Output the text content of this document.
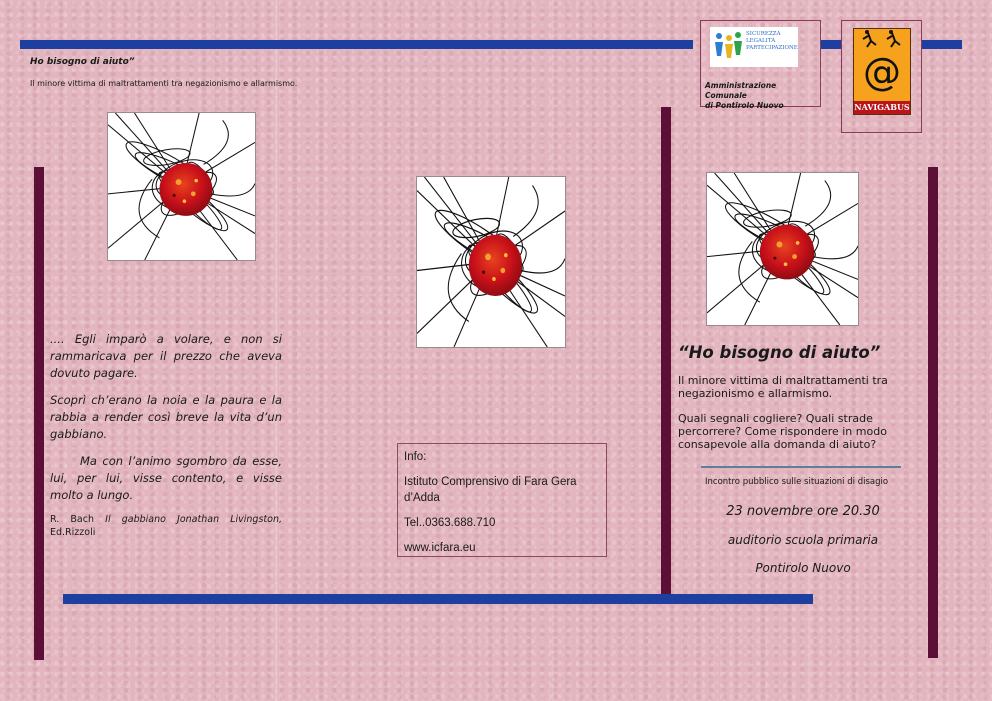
Ho bisogno di aiuto”
Il minore vittima di maltrattamenti tra negazionismo e allarmismo.

.... Egli imparò a volare, e non si rammaricava per il prezzo che aveva dovuto pagare.

Scoprì ch’erano la noia e la paura e la rabbia a render così breve la vita d’un gabbiano.

Ma con l’animo sgombro da esse, lui, per lui, visse contento, e visse molto a lungo.

R. Bach Il gabbiano Jonathan Livingston, Ed.Rizzoli
Info:
Istituto Comprensivo di Fara Gera d’Adda
Tel..0363.688.710
www.icfara.eu
SICUREZZA
LEGALITÀ
PARTECIPAZIONE
Amministrazione Comunale
di Pontirolo Nuovo
@
NAVIGABUS
“Ho bisogno di aiuto”
Il minore vittima di maltrattamenti tra negazionismo e allarmismo.
Quali segnali cogliere? Quali strade percorrere? Come rispondere in modo consapevole alla domanda di aiuto?
Incontro pubblico sulle situazioni di disagio
23 novembre ore 20.30
auditorio scuola primaria
Pontirolo Nuovo
